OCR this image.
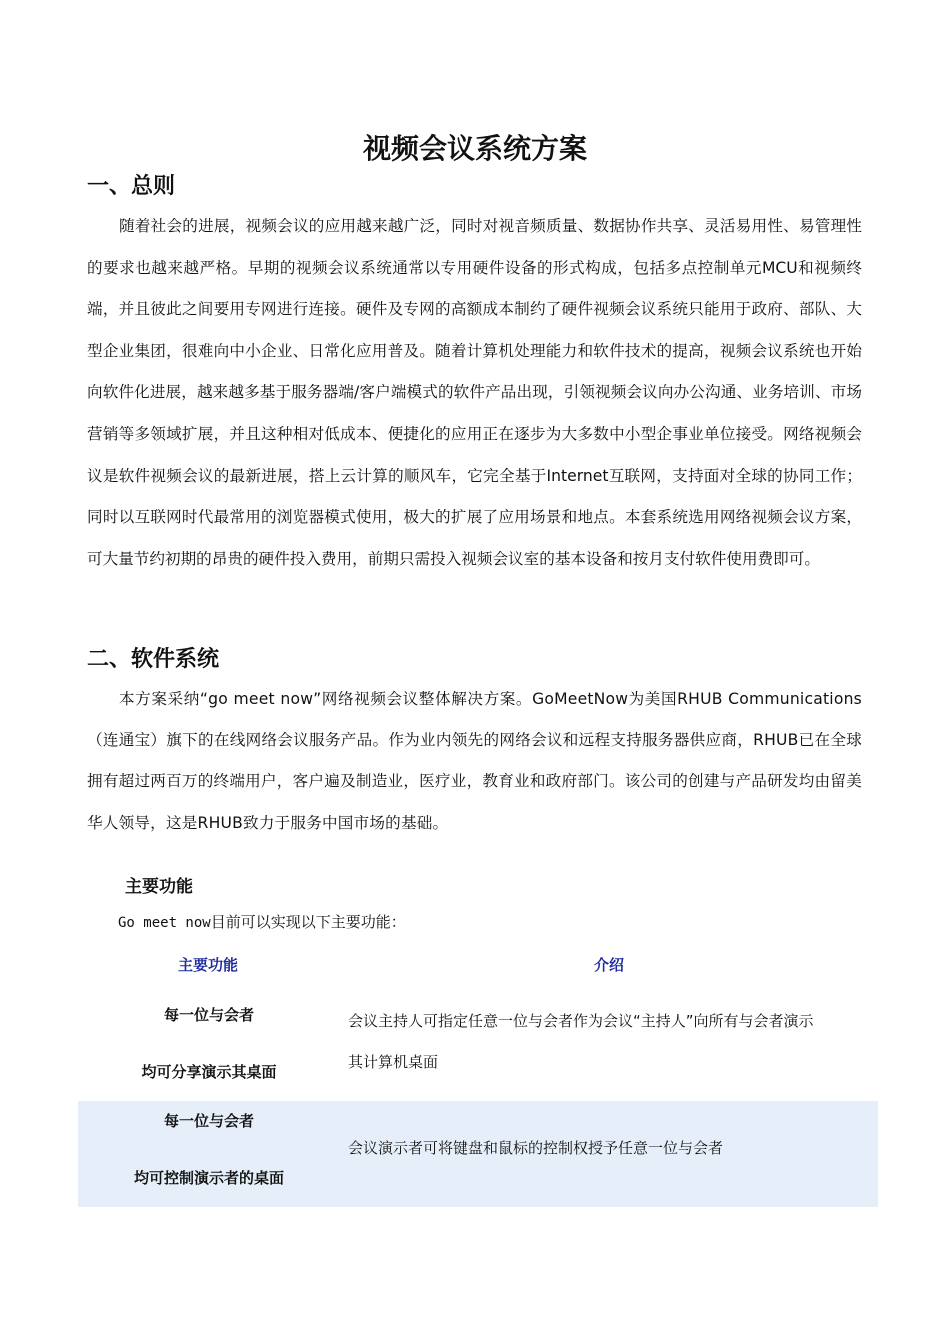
视频会议系统方案
一、总则

随着社会的进展，视频会议的应用越来越广泛，同时对视音频质量、数据协作共享、灵活易用性、易管理性的要求也越来越严格。早期的视频会议系统通常以专用硬件设备的形式构成，包括多点控制单元MCU和视频终端，并且彼此之间要用专网进行连接。硬件及专网的高额成本制约了硬件视频会议系统只能用于政府、部队、大型企业集团，很难向中小企业、日常化应用普及。随着计算机处理能力和软件技术的提高，视频会议系统也开始向软件化进展，越来越多基于服务器端/客户端模式的软件产品出现，引领视频会议向办公沟通、业务培训、市场营销等多领域扩展，并且这种相对低成本、便捷化的应用正在逐步为大多数中小型企事业单位接受。网络视频会议是软件视频会议的最新进展，搭上云计算的顺风车，它完全基于Internet互联网，支持面对全球的协同工作；同时以互联网时代最常用的浏览器模式使用，极大的扩展了应用场景和地点。本套系统选用网络视频会议方案，可大量节约初期的昂贵的硬件投入费用，前期只需投入视频会议室的基本设备和按月支付软件使用费即可。

二、软件系统

本方案采纳“go meet now”网络视频会议整体解决方案。GoMeetNow为美国RHUB Communications（连通宝）旗下的在线网络会议服务产品。作为业内领先的网络会议和远程支持服务器供应商，RHUB已在全球拥有超过两百万的终端用户，客户遍及制造业，医疗业，教育业和政府部门。该公司的创建与产品研发均由留美华人领导，这是RHUB致力于服务中国市场的基础。

主要功能

Go meet now目前可以实现以下主要功能：

主要功能	介绍
每一位与会者
均可分享演示其桌面
会议主持人可指定任意一位与会者作为会议“主持人”向所有与会者演示
其计算机桌面
每一位与会者
均可控制演示者的桌面
会议演示者可将键盘和鼠标的控制权授予任意一位与会者
